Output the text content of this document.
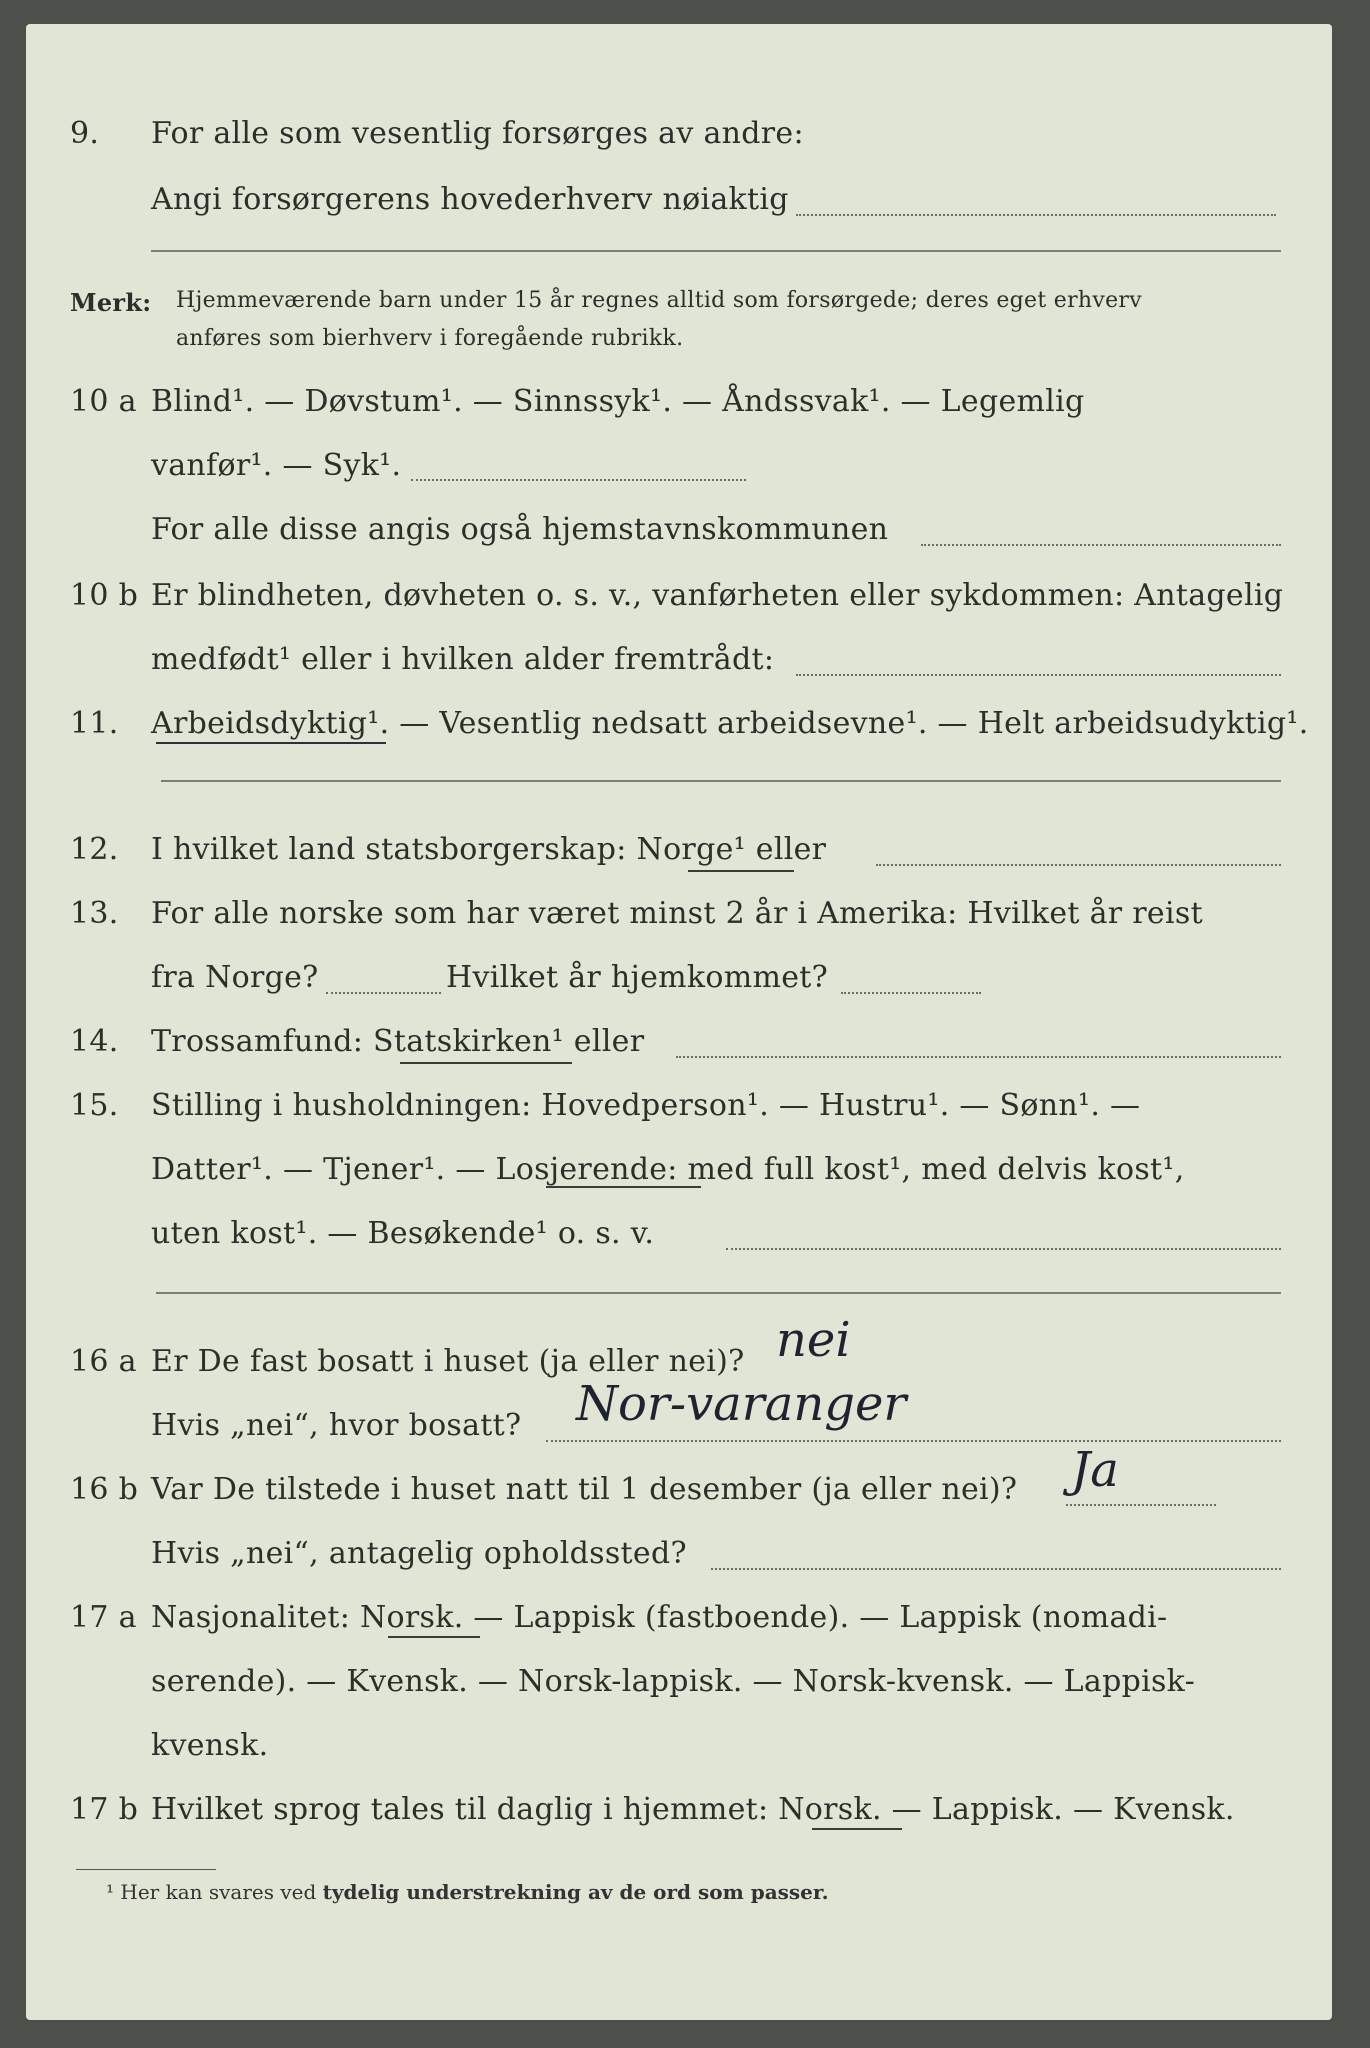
9. For alle som vesentlig forsørges av andre:
Angi forsørgerens hovederhverv nøiaktig
Merk: Hjemmeværende barn under 15 år regnes alltid som forsørgede; deres eget erhverv
anføres som bierhverv i foregående rubrikk.
10 a Blind¹. — Døvstum¹. — Sinnssyk¹. — Åndssvak¹. — Legemlig
vanfør¹. — Syk¹.
For alle disse angis også hjemstavnskommunen
10 b Er blindheten, døvheten o. s. v., vanførheten eller sykdommen: Antagelig
medfødt¹ eller i hvilken alder fremtrådt:
11. Arbeidsdyktig¹. — Vesentlig nedsatt arbeidsevne¹. — Helt arbeidsudyktig¹.
12. I hvilket land statsborgerskap: Norge¹ eller
13. For alle norske som har været minst 2 år i Amerika: Hvilket år reist
fra Norge?	Hvilket år hjemkommet?
14. Trossamfund: Statskirken¹ eller
15. Stilling i husholdningen: Hovedperson¹. — Hustru¹. — Sønn¹. —
Datter¹. — Tjener¹. — Losjerende: med full kost¹, med delvis kost¹,
uten kost¹. — Besøkende¹ o. s. v.
16 a Er De fast bosatt i huset (ja eller nei)? nei
Hvis „nei“, hvor bosatt? Nor-varanger
16 b Var De tilstede i huset natt til 1 desember (ja eller nei)? Ja
Hvis „nei“, antagelig opholdssted?
17 a Nasjonalitet: Norsk. — Lappisk (fastboende). — Lappisk (nomadi-
serende). — Kvensk. — Norsk-lappisk. — Norsk-kvensk. — Lappisk-
kvensk.
17 b Hvilket sprog tales til daglig i hjemmet: Norsk. — Lappisk. — Kvensk.
¹ Her kan svares ved tydelig understrekning av de ord som passer.
